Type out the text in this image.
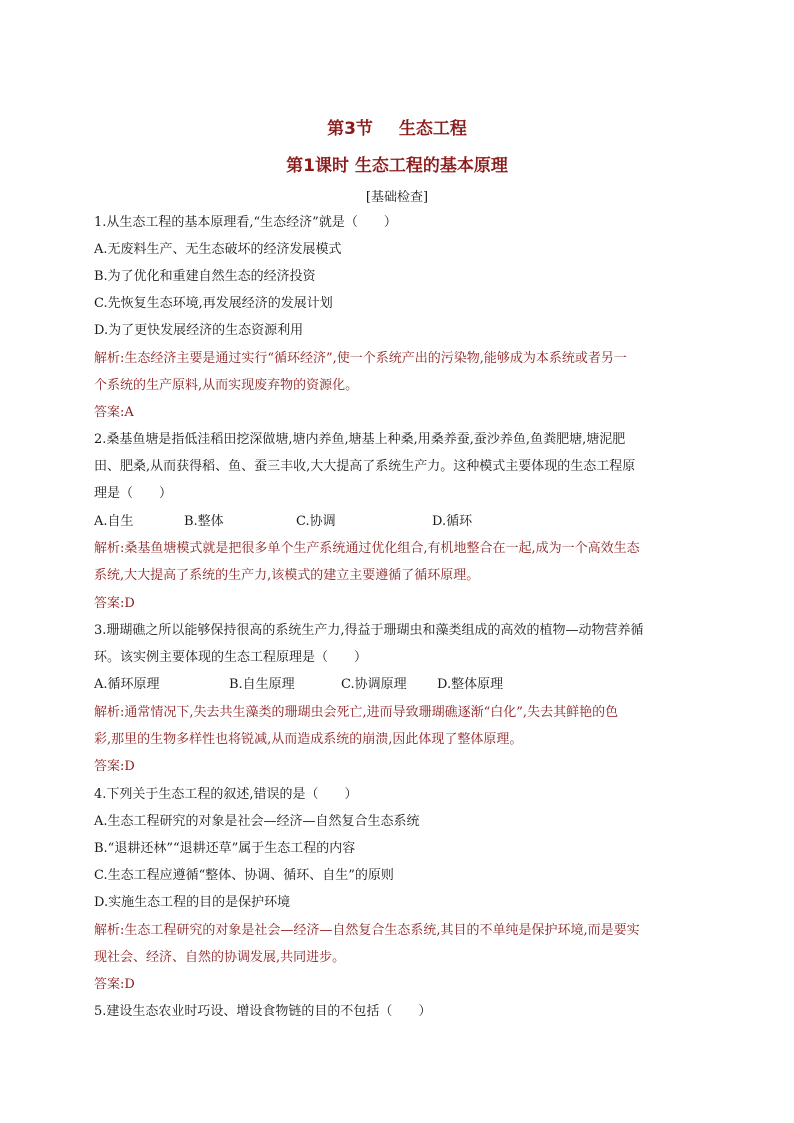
第3节 生态工程
第1课时 生态工程的基本原理
[基础检查]
1.从生态工程的基本原理看,“生态经济”就是（　　）
A.无废料生产、无生态破坏的经济发展模式
B.为了优化和重建自然生态的经济投资
C.先恢复生态环境,再发展经济的发展计划
D.为了更快发展经济的生态资源利用
解析:生态经济主要是通过实行“循环经济”,使一个系统产出的污染物,能够成为本系统或者另一
个系统的生产原料,从而实现废弃物的资源化。
答案:A
2.桑基鱼塘是指低洼稻田挖深做塘,塘内养鱼,塘基上种桑,用桑养蚕,蚕沙养鱼,鱼粪肥塘,塘泥肥
田、肥桑,从而获得稻、鱼、蚕三丰收,大大提高了系统生产力。这种模式主要体现的生态工程原
理是（　　）
A.自生	B.整体	C.协调	D.循环
解析:桑基鱼塘模式就是把很多单个生产系统通过优化组合,有机地整合在一起,成为一个高效生态
系统,大大提高了系统的生产力,该模式的建立主要遵循了循环原理。
答案:D
3.珊瑚礁之所以能够保持很高的系统生产力,得益于珊瑚虫和藻类组成的高效的植物—动物营养循
环。该实例主要体现的生态工程原理是（　　）
A.循环原理	B.自生原理	C.协调原理 D.整体原理
解析:通常情况下,失去共生藻类的珊瑚虫会死亡,进而导致珊瑚礁逐渐“白化”,失去其鲜艳的色
彩,那里的生物多样性也将锐减,从而造成系统的崩溃,因此体现了整体原理。
答案:D
4.下列关于生态工程的叙述,错误的是（　　）
A.生态工程研究的对象是社会—经济—自然复合生态系统
B.“退耕还林”“退耕还草”属于生态工程的内容
C.生态工程应遵循“整体、协调、循环、自生”的原则
D.实施生态工程的目的是保护环境
解析:生态工程研究的对象是社会—经济—自然复合生态系统,其目的不单纯是保护环境,而是要实
现社会、经济、自然的协调发展,共同进步。
答案:D
5.建设生态农业时巧设、增设食物链的目的不包括（　　）
